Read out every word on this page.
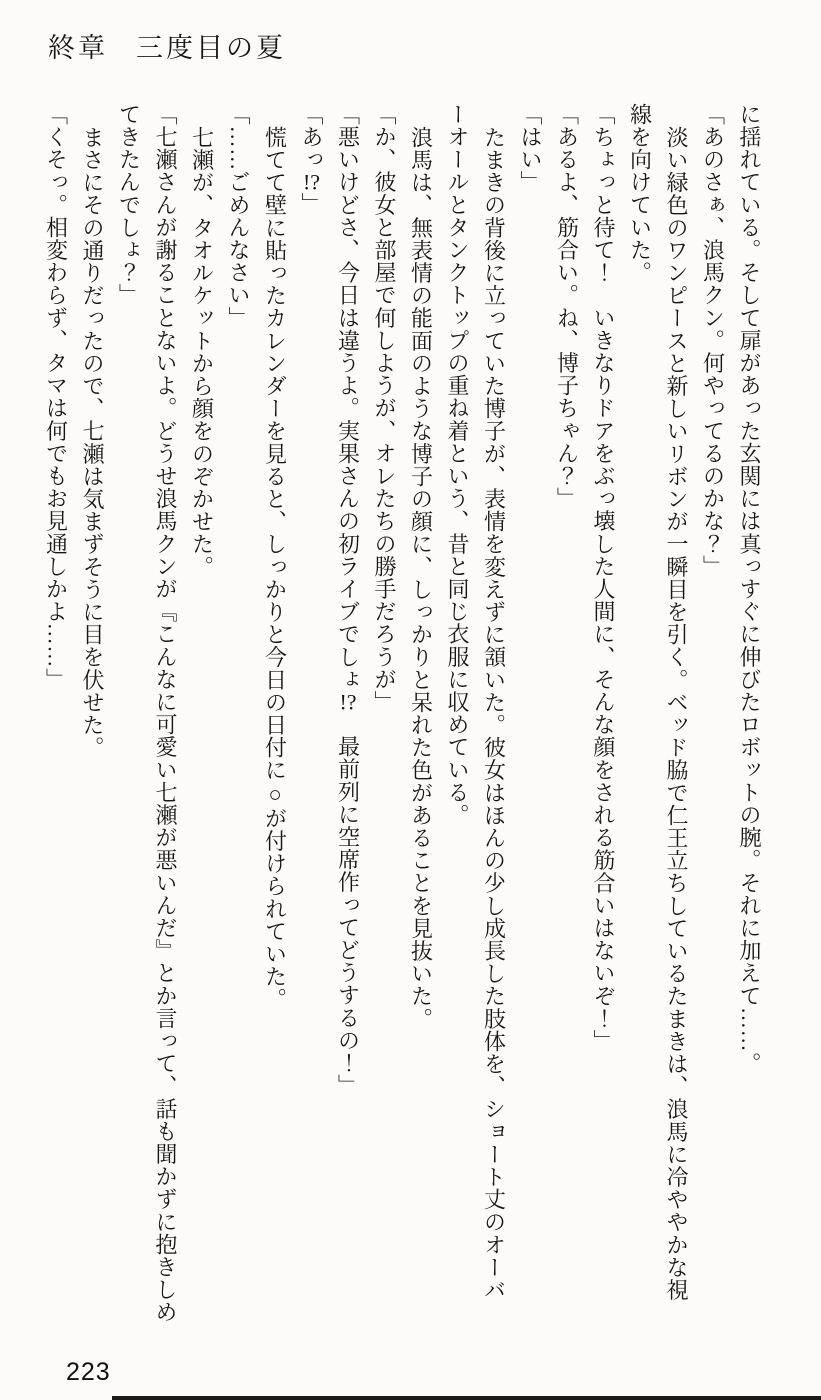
終章 三度目の夏
に揺れている。そして扉があった玄関には真っすぐに伸びたロボットの腕。それに加えて……。
「あのさぁ、浪馬クン。何やってるのかな？」
淡い緑色のワンピースと新しいリボンが一瞬目を引く。ベッド脇で仁王立ちしているたまきは、浪馬に冷ややかな視
線を向けていた。
「ちょっと待て！　いきなりドアをぶっ壊した人間に、そんな顔をされる筋合いはないぞ！」
「あるよ、筋合い。ね、博子ちゃん？」
「はい」
たまきの背後に立っていた博子が、表情を変えずに頷いた。彼女はほんの少し成長した肢体を、ショート丈のオーバ
ーオールとタンクトップの重ね着という、昔と同じ衣服に収めている。
浪馬は、無表情の能面のような博子の顔に、しっかりと呆れた色があることを見抜いた。
「か、彼女と部屋で何しようが、オレたちの勝手だろうが」
「悪いけどさ、今日は違うよ。実果さんの初ライブでしょ!?　最前列に空席作ってどうするの！」
「あっ!?」
慌てて壁に貼ったカレンダーを見ると、しっかりと今日の日付に○が付けられていた。
「……ごめんなさい」
七瀬が、タオルケットから顔をのぞかせた。
「七瀬さんが謝ることないよ。どうせ浪馬クンが『こんなに可愛い七瀬が悪いんだ』とか言って、話も聞かずに抱きしめ
てきたんでしょ？」
まさにその通りだったので、七瀬は気まずそうに目を伏せた。
「くそっ。相変わらず、タマは何でもお見通しかよ……」
223
